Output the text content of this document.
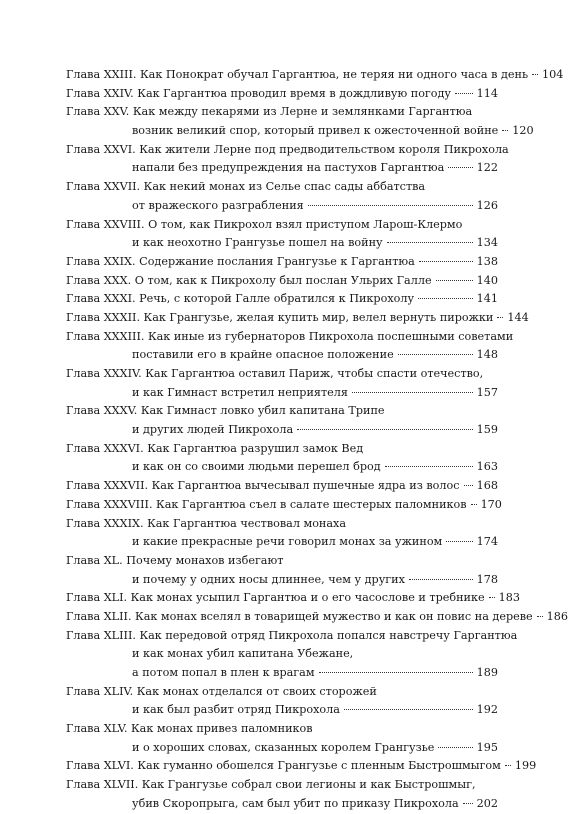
Глава XXIII. Как Понократ обучал Гаргантюа, не теряя ни одного часа в день 104
Глава XXIV. Как Гаргантюа проводил время в дождливую погоду 114
Глава XXV. Как между пекарями из Лерне и землянками Гаргантюа
возник великий спор, который привел к ожесточенной войне 120
Глава XXVI. Как жители Лерне под предводительством короля Пикрохола
напали без предупреждения на пастухов Гаргантюа	122
Глава XXVII. Как некий монах из Селье спас сады аббатства
от вражеского разграбления	126
Глава XXVIII. О том, как Пикрохол взял приступом Ларош-Клермо
и как неохотно Грангузье пошел на войну	134
Глава XXIX. Содержание послания Грангузье к Гаргантюа	138
Глава XXX. О том, как к Пикрохолу был послан Ульрих Галле	140
Глава XXXI. Речь, с которой Галле обратился к Пикрохолу	141
Глава XXXII. Как Грангузье, желая купить мир, велел вернуть пирожки 144
Глава XXXIII. Как иные из губернаторов Пикрохола поспешными советами
поставили его в крайне опасное положение	148
Глава XXXIV. Как Гаргантюа оставил Париж, чтобы спасти отечество,
и как Гимнаст встретил неприятеля	157
Глава XXXV. Как Гимнаст ловко убил капитана Трипе
и других людей Пикрохола	159
Глава XXXVI. Как Гаргантюа разрушил замок Вед
и как он со своими людьми перешел брод	163
Глава XXXVII. Как Гаргантюа вычесывал пушечные ядра из волос 168
Глава XXXVIII. Как Гаргантюа съел в салате шестерых паломников 170
Глава XXXIX. Как Гаргантюа чествовал монаха
и какие прекрасные речи говорил монах за ужином	174
Глава XL. Почему монахов избегают
и почему у одних носы длиннее, чем у других	178
Глава XLI. Как монах усыпил Гаргантюа и о его часослове и требнике 183
Глава XLII. Как монах вселял в товарищей мужество и как он повис на дереве 186
Глава XLIII. Как передовой отряд Пикрохола попался навстречу Гаргантюа
и как монах убил капитана Убежане,
а потом попал в плен к врагам	189
Глава XLIV. Как монах отделался от своих сторожей
и как был разбит отряд Пикрохола	192
Глава XLV. Как монах привез паломников
и о хороших словах, сказанных королем Грангузье	195
Глава XLVI. Как гуманно обошелся Грангузье с пленным Быстрошмыгом 199
Глава XLVII. Как Грангузье собрал свои легионы и как Быстрошмыг,
убив Скоропрыга, сам был убит по приказу Пикрохола 202
